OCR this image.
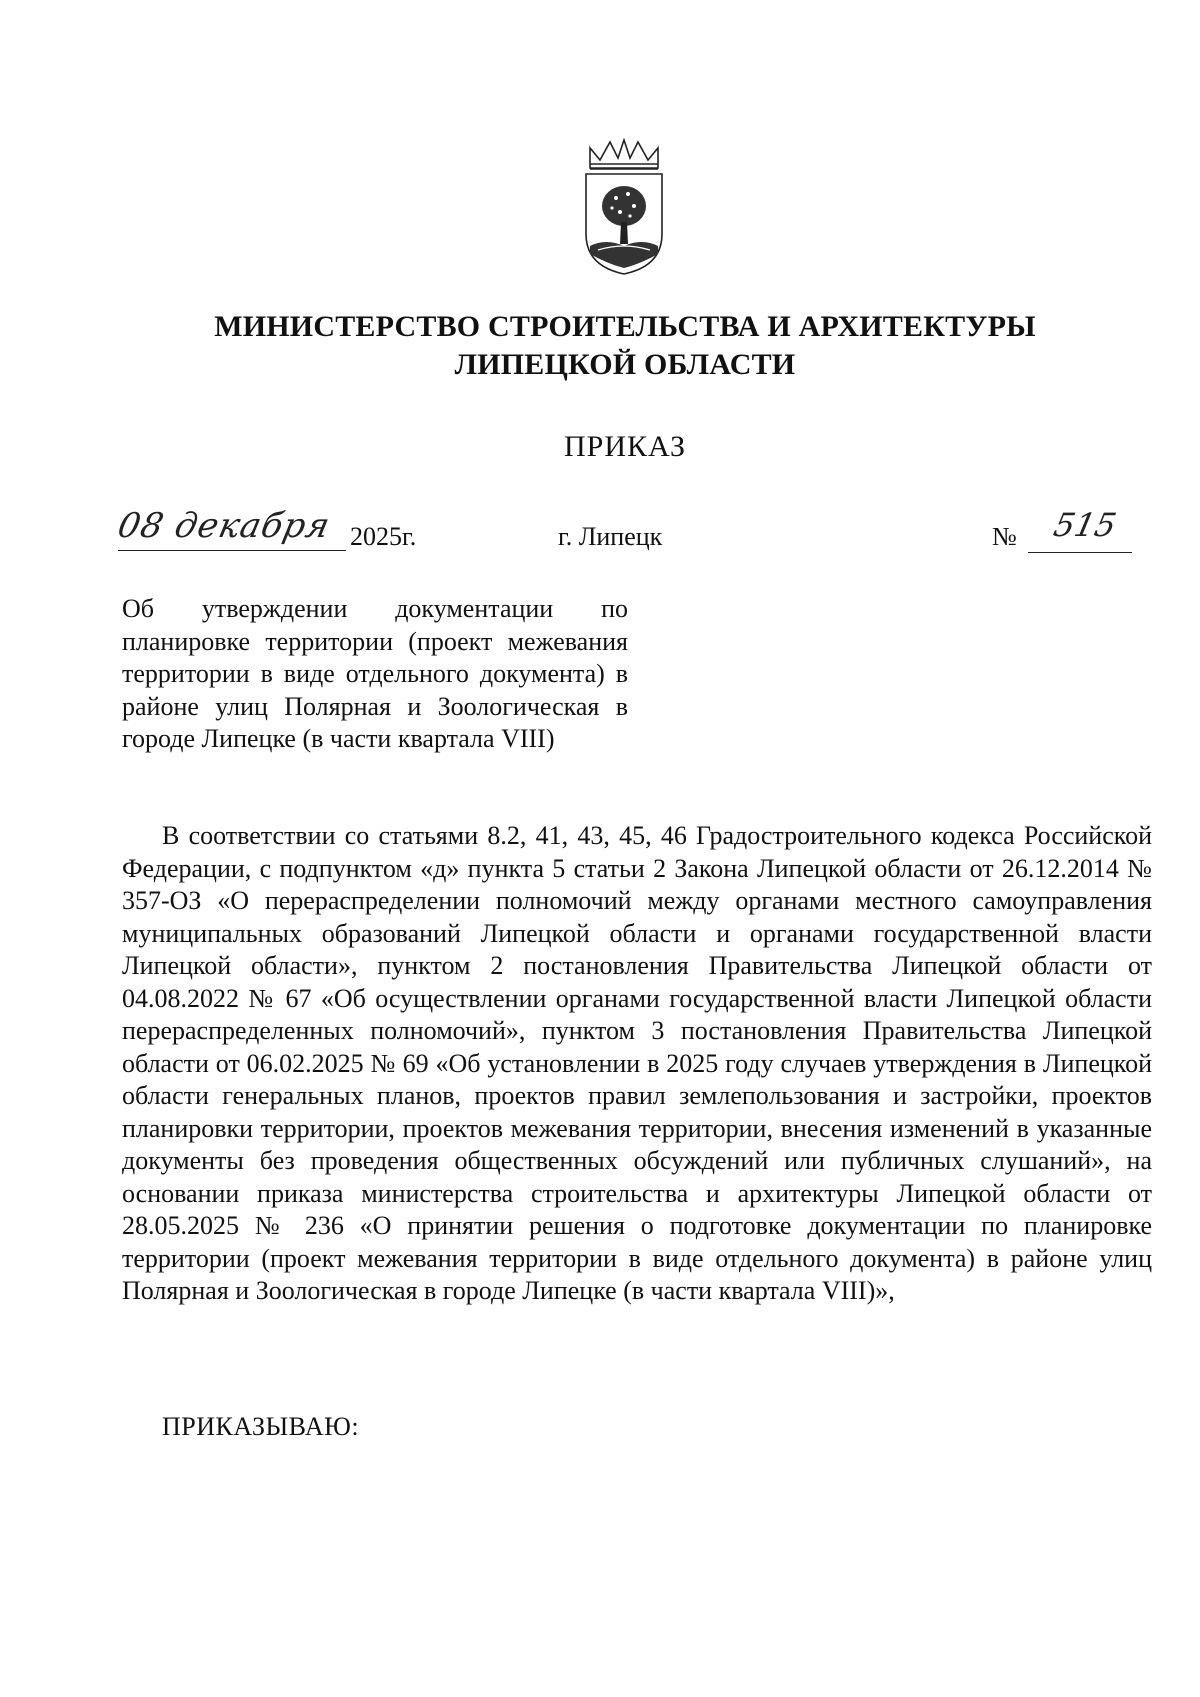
МИНИСТЕРСТВО СТРОИТЕЛЬСТВА И АРХИТЕКТУРЫ
ЛИПЕЦКОЙ ОБЛАСТИ
ПРИКАЗ
08 декабря 2025г.	г. Липецк	№	515
Об утверждении документации по планировке территории (проект межевания территории в виде отдельного документа) в районе улиц Полярная и Зоологическая в городе Липецке (в части квартала VIII)

В соответствии со статьями 8.2, 41, 43, 45, 46 Градостроительного кодекса Российской Федерации, с подпунктом «д» пункта 5 статьи 2 Закона Липецкой области от 26.12.2014 № 357-ОЗ «О перераспределении полномочий между органами местного самоуправления муниципальных образований Липецкой области и органами государственной власти Липецкой области», пунктом 2 постановления Правительства Липецкой области от 04.08.2022 № 67 «Об осуществлении органами государственной власти Липецкой области перераспределенных полномочий», пунктом 3 постановления Правительства Липецкой области от 06.02.2025 № 69 «Об установлении в 2025 году случаев утверждения в Липецкой области генеральных планов, проектов правил землепользования и застройки, проектов планировки территории, проектов межевания территории, внесения изменений в указанные документы без проведения общественных обсуждений или публичных слушаний», на основании приказа министерства строительства и архитектуры Липецкой области от 28.05.2025 № 236 «О принятии решения о подготовке документации по планировке территории (проект межевания территории в виде отдельного документа) в районе улиц Полярная и Зоологическая в городе Липецке (в части квартала VIII)»,

ПРИКАЗЫВАЮ:
